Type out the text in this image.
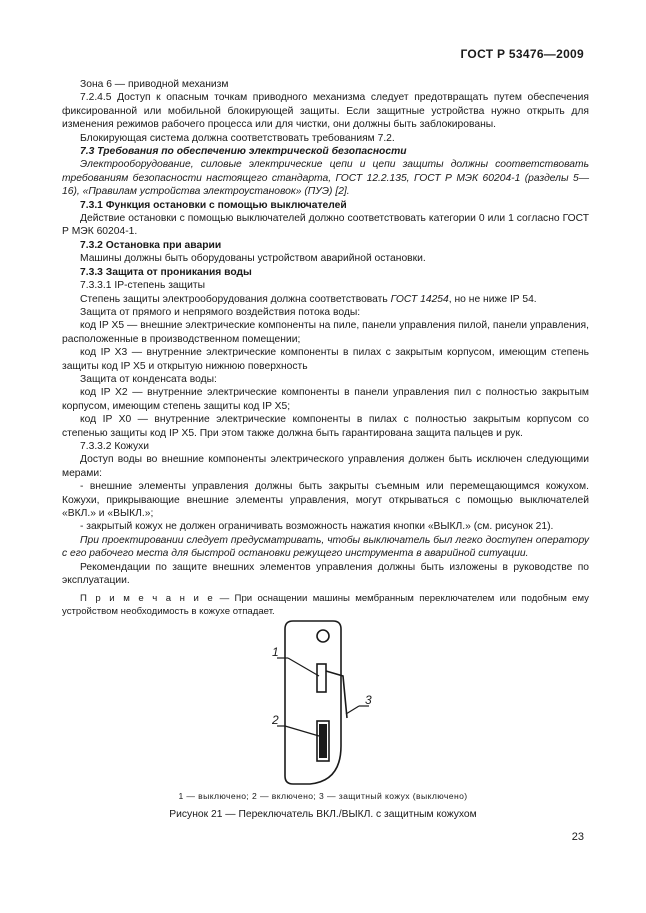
ГОСТ Р 53476—2009

Зона 6 — приводной механизм

7.2.4.5 Доступ к опасным точкам приводного механизма следует предотвращать путем обеспечения фиксированной или мобильной блокирующей защиты. Если защитные устройства нужно открыть для изменения режимов рабочего процесса или для чистки, они должны быть заблокированы.

Блокирующая система должна соответствовать требованиям 7.2.

7.3 Требования по обеспечению электрической безопасности

Электрооборудование, силовые электрические цепи и цепи защиты должны соответствовать требованиям безопасности настоящего стандарта, ГОСТ 12.2.135, ГОСТ Р МЭК 60204-1 (разделы 5—16), «Правилам устройства электроустановок» (ПУЭ) [2].

7.3.1 Функция остановки с помощью выключателей

Действие остановки с помощью выключателей должно соответствовать категории 0 или 1 согласно ГОСТ Р МЭК 60204-1.

7.3.2 Остановка при аварии

Машины должны быть оборудованы устройством аварийной остановки.

7.3.3 Защита от проникания воды

7.3.3.1 IP-степень защиты

Степень защиты электрооборудования должна соответствовать ГОСТ 14254, но не ниже IP 54.

Защита от прямого и непрямого воздействия потока воды:

код IP X5 — внешние электрические компоненты на пиле, панели управления пилой, панели управления, расположенные в производственном помещении;

код IP X3 — внутренние электрические компоненты в пилах с закрытым корпусом, имеющим степень защиты код IP X5 и открытую нижнюю поверхность

Защита от конденсата воды:

код IP X2 — внутренние электрические компоненты в панели управления пил с полностью закрытым корпусом, имеющим степень защиты код IP X5;

код IP X0 — внутренние электрические компоненты в пилах с полностью закрытым корпусом со степенью защиты код IP X5. При этом также должна быть гарантирована защита пальцев и рук.

7.3.3.2 Кожухи

Доступ воды во внешние компоненты электрического управления должен быть исключен следующими мерами:

- внешние элементы управления должны быть закрыты съемным или перемещающимся кожухом. Кожухи, прикрывающие внешние элементы управления, могут открываться с помощью выключателей «ВКЛ.» и «ВЫКЛ.»;

- закрытый кожух не должен ограничивать возможность нажатия кнопки «ВЫКЛ.» (см. рисунок 21).

При проектировании следует предусматривать, чтобы выключатель был легко доступен оператору с его рабочего места для быстрой остановки режущего инструмента в аварийной ситуации.

Рекомендации по защите внешних элементов управления должны быть изложены в руководстве по эксплуатации.

П р и м е ч а н и е — При оснащении машины мембранным переключателем или подобным ему устройством необходимость в кожухе отпадает.

1
2
3
1 — выключено; 2 — включено; 3 — защитный кожух (выключено)
Рисунок 21 — Переключатель ВКЛ./ВЫКЛ. с защитным кожухом
23
